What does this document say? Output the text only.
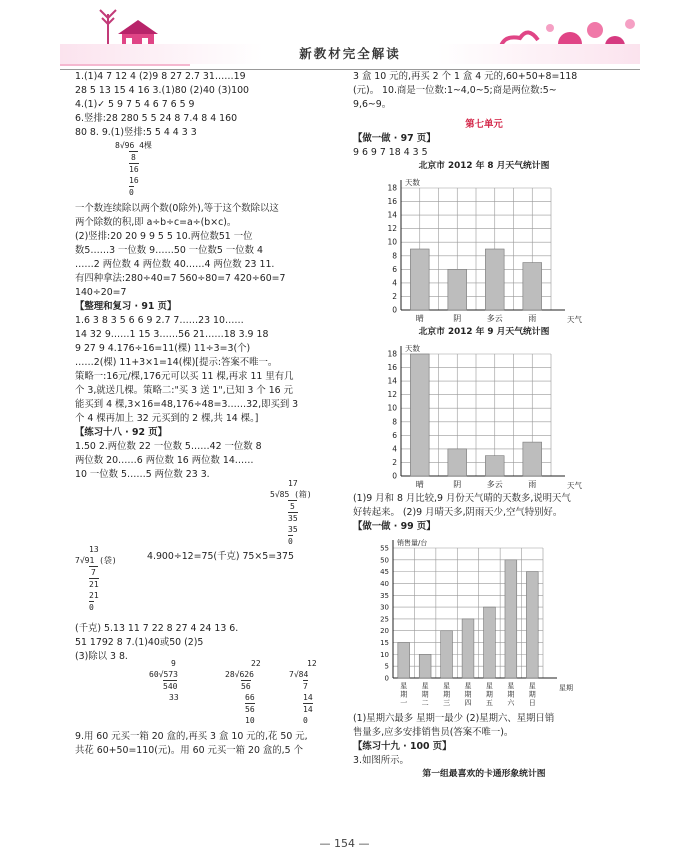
新教材完全解读
1.(1)4 7 12 4 (2)9 8 27 2.7 31……19
28 5 13 15 4 16 3.(1)80 (2)40 (3)100
4.(1)✓ 5 9 7 5 4 6 7 6 5 9
6.竖排:28 280 5 5 24 8 7.4 8 4 160
80 8. 9.(1)竖排:5 5 4 4 3 3
8√96 4棵
8
16
16
0
一个数连续除以两个数(0除外),等于这个数除以这
两个除数的积,即 a÷b÷c=a÷(b×c)。
(2)竖排:20 20 9 9 5 5 10.两位数51 一位
数5……3 一位数 9……50 一位数5 一位数 4
……2 两位数 4 两位数 40……4 两位数 23 11.
有四种拿法:280÷40=7 560÷80=7 420÷60=7
140÷20=7
【整理和复习 · 91 页】
1.6 3 8 3 5 6 6 9 2.7 7……23 10……
14 32 9……1 15 3……56 21……18 3.9 18
9 27 9 4.176÷16=11(棵) 11÷3=3(个)
……2(棵) 11+3×1=14(棵)[提示:答案不唯一。
策略一:16元/棵,176元可以买 11 棵,再求 11 里有几
个 3,就送几棵。策略二:"买 3 送 1",已知 3 个 16 元
能买到 4 棵,3×16=48,176÷48=3……32,即买到 3
个 4 棵再加上 32 元买到的 2 棵,共 14 棵。]
【练习十八 · 92 页】
1.50 2.两位数 22 一位数 5……42 一位数 8
两位数 20……6 两位数 16 两位数 14……
10 一位数 5……5 两位数 23 3.
17
5√85 (箱)
5
35
35
0
13
7√91 (袋)
7
21
21
0
4.900÷12=75(千克) 75×5=375
(千克) 5.13 11 7 22 8 27 4 24 13 6.
51 1792 8 7.(1)40或50 (2)5
(3)除以 3 8.
9
60√573
540
33
22
28√626
56
66
56
10
12
7√84
7
14
14
0
9.用 60 元买一箱 20 盒的,再买 3 盒 10 元的,花 50 元,
共花 60+50=110(元)。用 60 元买一箱 20 盒的,5 个
3 盒 10 元的,再买 2 个 1 盒 4 元的,60+50+8=118
(元)。 10.商是一位数:1~4,0~5;商是两位数:5~
9,6~9。
第七单元
【做一做 · 97 页】
9 6 9 7 18 4 3 5
北京市 2012 年 8 月天气统计图
0
2
4
6
8
10
12
14
16
18
天数
天气
晴	阴	多云	雨
北京市 2012 年 9 月天气统计图
0
2
4
6
8
10
12
14
16
18
天数
天气
晴	阴	多云	雨
(1)9 月和 8 月比较,9 月份天气晴的天数多,说明天气
好转起来。 (2)9 月晴天多,阴雨天少,空气特别好。
【做一做 · 99 页】
0
5
10
15
20
25
30
35
40
45
50
55
销售量/台
星期
星
期
一
星
期
二
星
期
三
星
期
四
星
期
五
星
期
六
星
期
日
(1)星期六最多 星期一最少 (2)星期六、星期日销
售量多,应多安排销售员(答案不唯一)。
【练习十九 · 100 页】
3.如图所示。
第一组最喜欢的卡通形象统计图
— 154 —
